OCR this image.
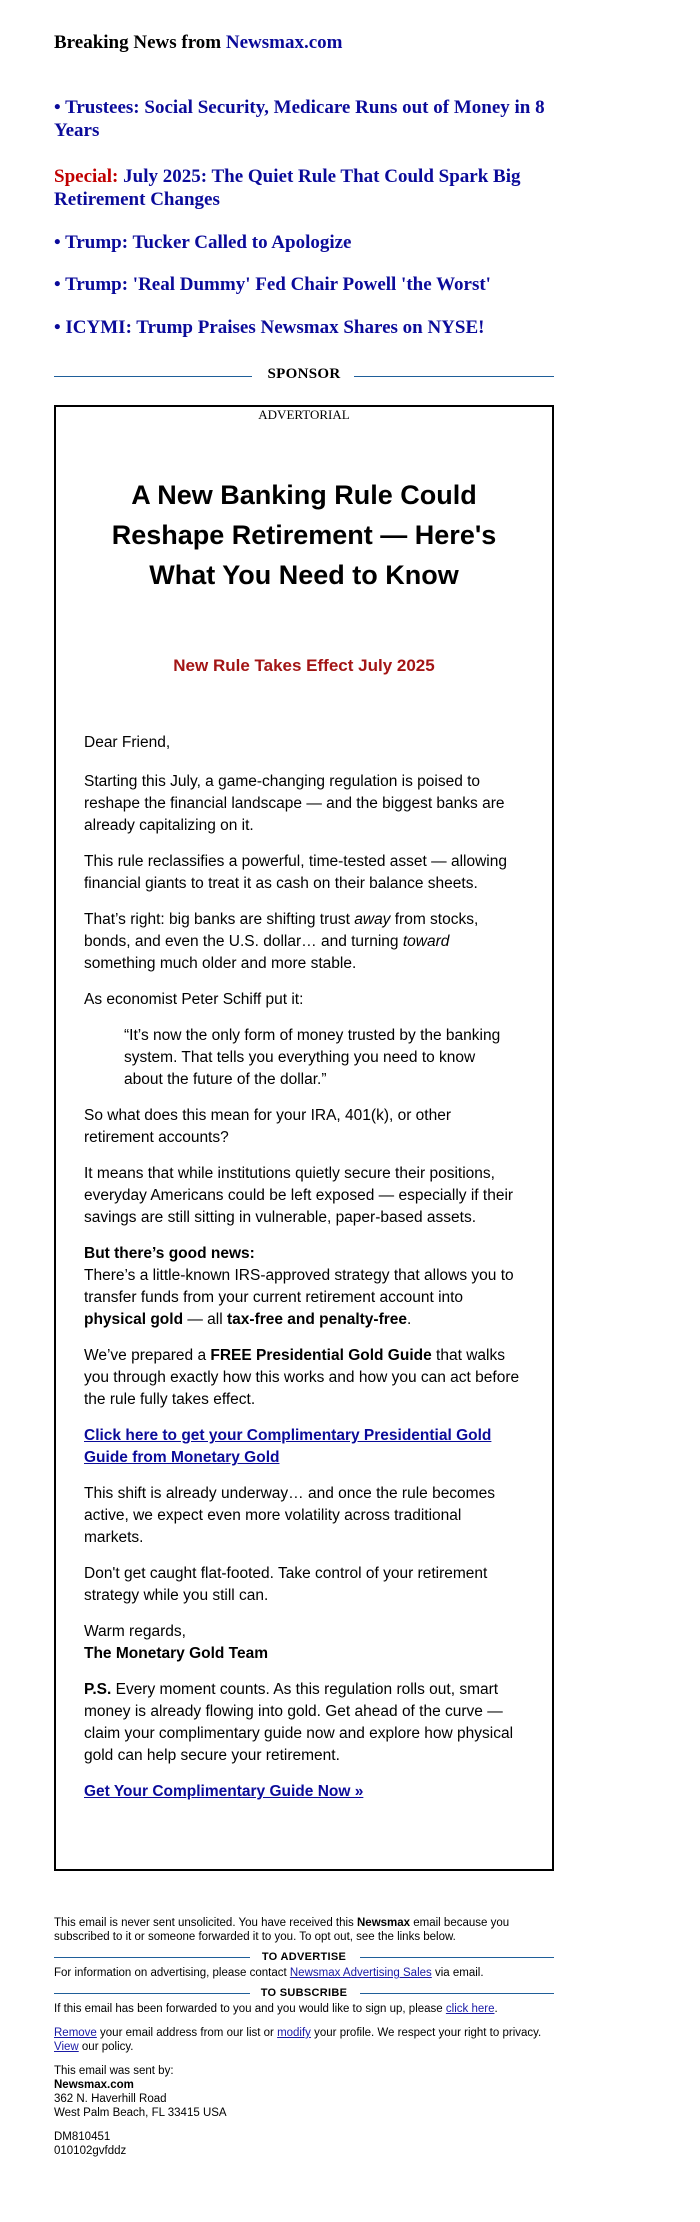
Breaking News from Newsmax.com
• Trustees: Social Security, Medicare Runs out of Money in 8 Years
Special: July 2025: The Quiet Rule That Could Spark Big Retirement Changes
• Trump: Tucker Called to Apologize
• Trump: 'Real Dummy' Fed Chair Powell 'the Worst'
• ICYMI: Trump Praises Newsmax Shares on NYSE!
SPONSOR
ADVERTORIAL
A New Banking Rule Could Reshape Retirement — Here's What You Need to Know
New Rule Takes Effect July 2025

Dear Friend,

Starting this July, a game-changing regulation is poised to reshape the financial landscape — and the biggest banks are already capitalizing on it.

This rule reclassifies a powerful, time-tested asset — allowing financial giants to treat it as cash on their balance sheets.

That’s right: big banks are shifting trust away from stocks, bonds, and even the U.S. dollar… and turning toward something much older and more stable.

As economist Peter Schiff put it:

“It’s now the only form of money trusted by the banking system. That tells you everything you need to know about the future of the dollar.”

So what does this mean for your IRA, 401(k), or other retirement accounts?

It means that while institutions quietly secure their positions, everyday Americans could be left exposed — especially if their savings are still sitting in vulnerable, paper-based assets.

But there’s good news:
There’s a little-known IRS-approved strategy that allows you to transfer funds from your current retirement account into physical gold — all tax-free and penalty-free.

We’ve prepared a FREE Presidential Gold Guide that walks you through exactly how this works and how you can act before the rule fully takes effect.

Click here to get your Complimentary Presidential Gold Guide from Monetary Gold

This shift is already underway… and once the rule becomes active, we expect even more volatility across traditional markets.

Don't get caught flat-footed. Take control of your retirement strategy while you still can.

Warm regards,
The Monetary Gold Team

P.S. Every moment counts. As this regulation rolls out, smart money is already flowing into gold. Get ahead of the curve — claim your complimentary guide now and explore how physical gold can help secure your retirement.

Get Your Complimentary Guide Now »

This email is never sent unsolicited. You have received this Newsmax email because you subscribed to it or someone forwarded it to you. To opt out, see the links below.

TO ADVERTISE

For information on advertising, please contact Newsmax Advertising Sales via email.

TO SUBSCRIBE

If this email has been forwarded to you and you would like to sign up, please click here.

Remove your email address from our list or modify your profile. We respect your right to privacy. View our policy.

This email was sent by:

Newsmax.com

362 N. Haverhill Road

West Palm Beach, FL 33415 USA

DM810451

010102gvfddz
